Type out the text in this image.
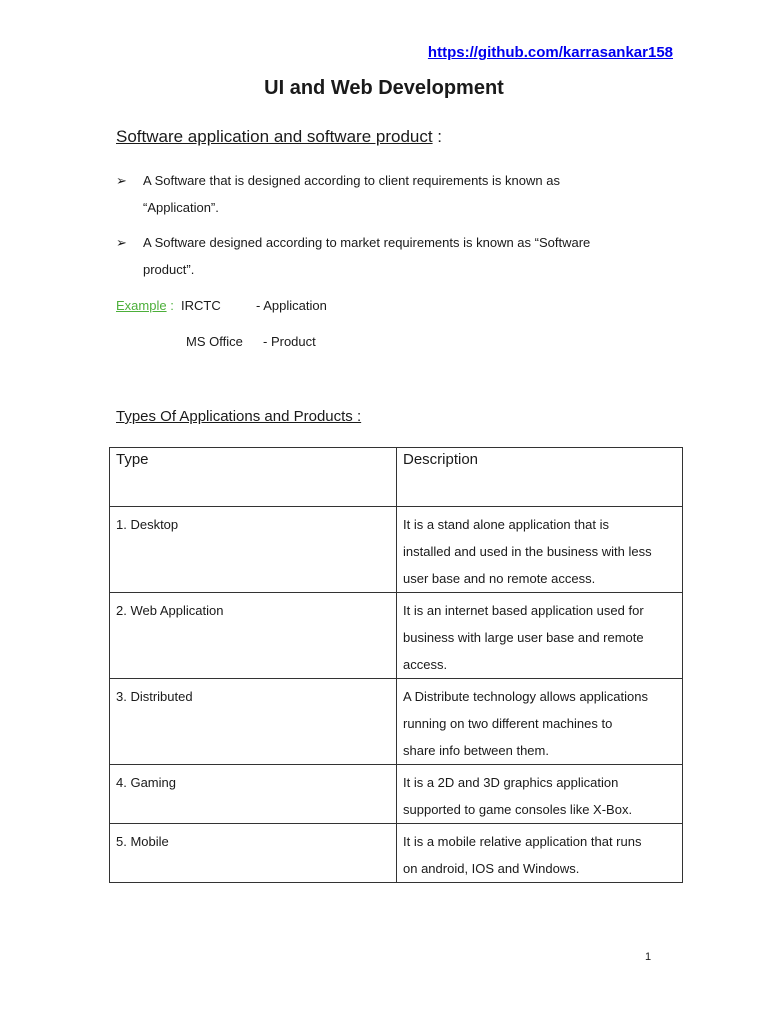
https://github.com/karrasankar158
UI and Web Development
Software application and software product :
➢ A Software that is designed according to client requirements is known as
“Application”.
➢ A Software designed according to market requirements is known as “Software
product”.
Example : IRCTC	- Application
MS Office - Product
Types Of Applications and Products :
Type	Description
1. Desktop	It is a stand alone application that is
installed and used in the business with less
user base and no remote access.

2. Web Application	It is an internet based application used for
business with large user base and remote
access.

3. Distributed	A Distribute technology allows applications
running on two different machines to
share info between them.

4. Gaming	It is a 2D and 3D graphics application
supported to game consoles like X-Box.

5. Mobile	It is a mobile relative application that runs
on android, IOS and Windows.
1
